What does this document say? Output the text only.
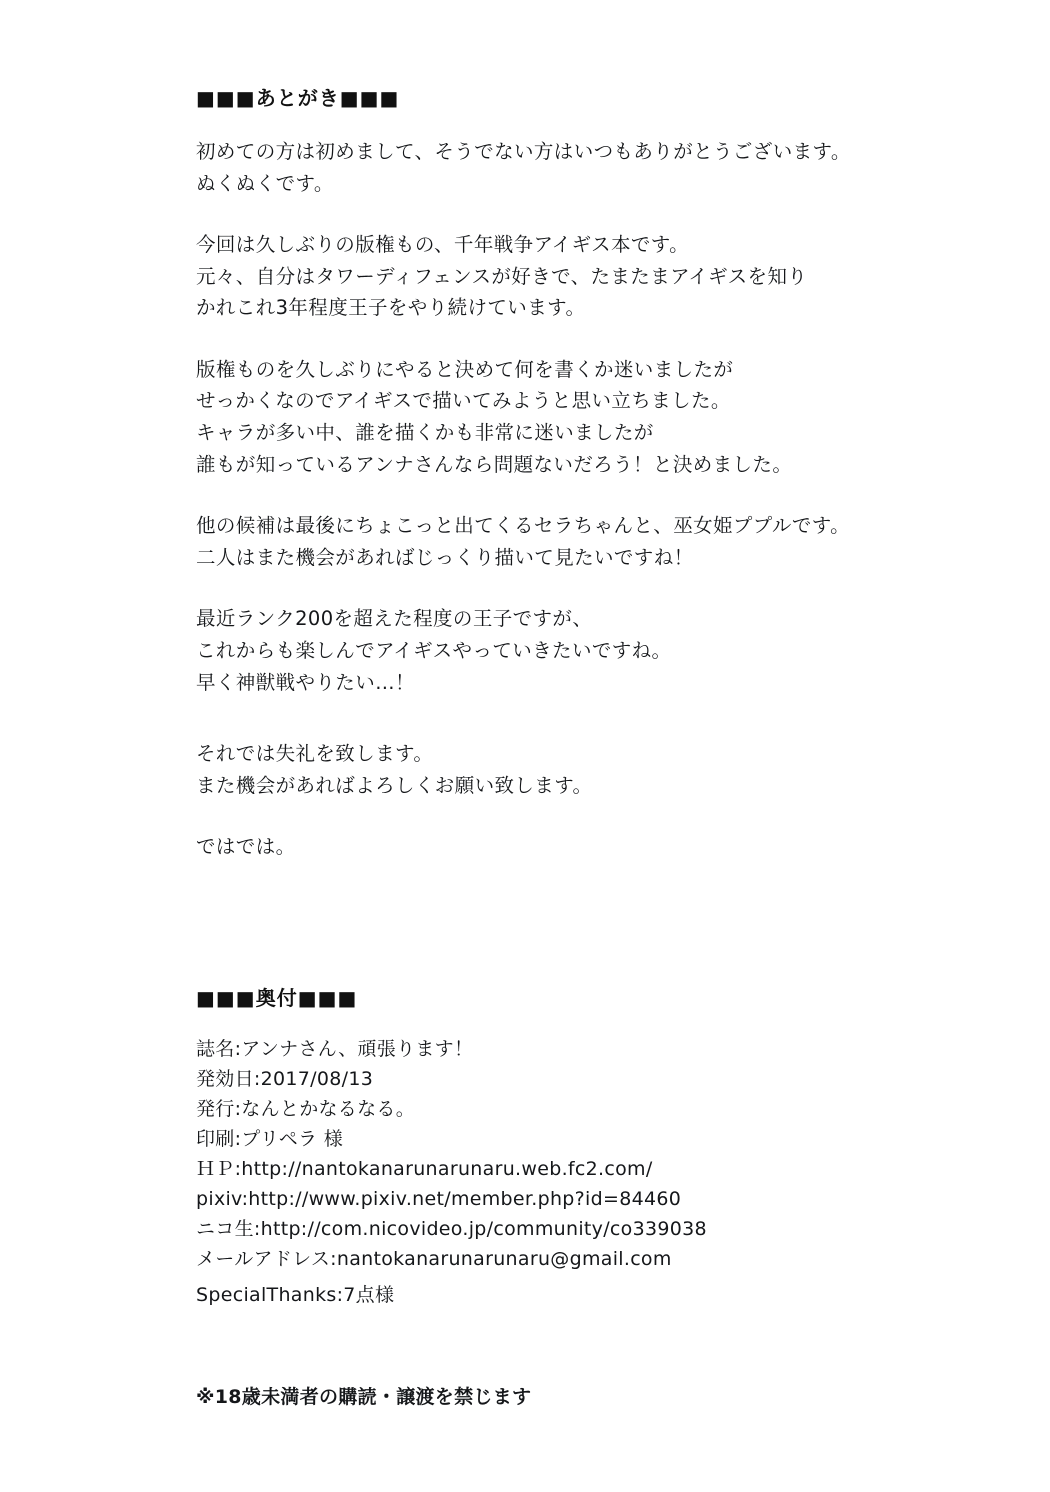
■■■あとがき■■■
初めての方は初めまして、そうでない方はいつもありがとうございます。
ぬくぬくです。
今回は久しぶりの版権もの、千年戦争アイギス本です。
元々、自分はタワーディフェンスが好きで、たまたまアイギスを知り
かれこれ3年程度王子をやり続けています。
版権ものを久しぶりにやると決めて何を書くか迷いましたが
せっかくなのでアイギスで描いてみようと思い立ちました。
キャラが多い中、誰を描くかも非常に迷いましたが
誰もが知っているアンナさんなら問題ないだろう！と決めました。
他の候補は最後にちょこっと出てくるセラちゃんと、巫女姫ププルです。
二人はまた機会があればじっくり描いて見たいですね！
最近ランク200を超えた程度の王子ですが、
これからも楽しんでアイギスやっていきたいですね。
早く神獣戦やりたい…！
それでは失礼を致します。
また機会があればよろしくお願い致します。
ではでは。
■■■奥付■■■
誌名:アンナさん、頑張ります！
発効日:2017/08/13
発行:なんとかなるなる。
印刷:プリペラ 様
ＨＰ:http://nantokanarunarunaru.web.fc2.com/
pixiv:http://www.pixiv.net/member.php?id=84460
ニコ生:http://com.nicovideo.jp/community/co339038
メールアドレス:nantokanarunarunaru@gmail.com
SpecialThanks:7点様
※18歳未満者の購読・譲渡を禁じます
